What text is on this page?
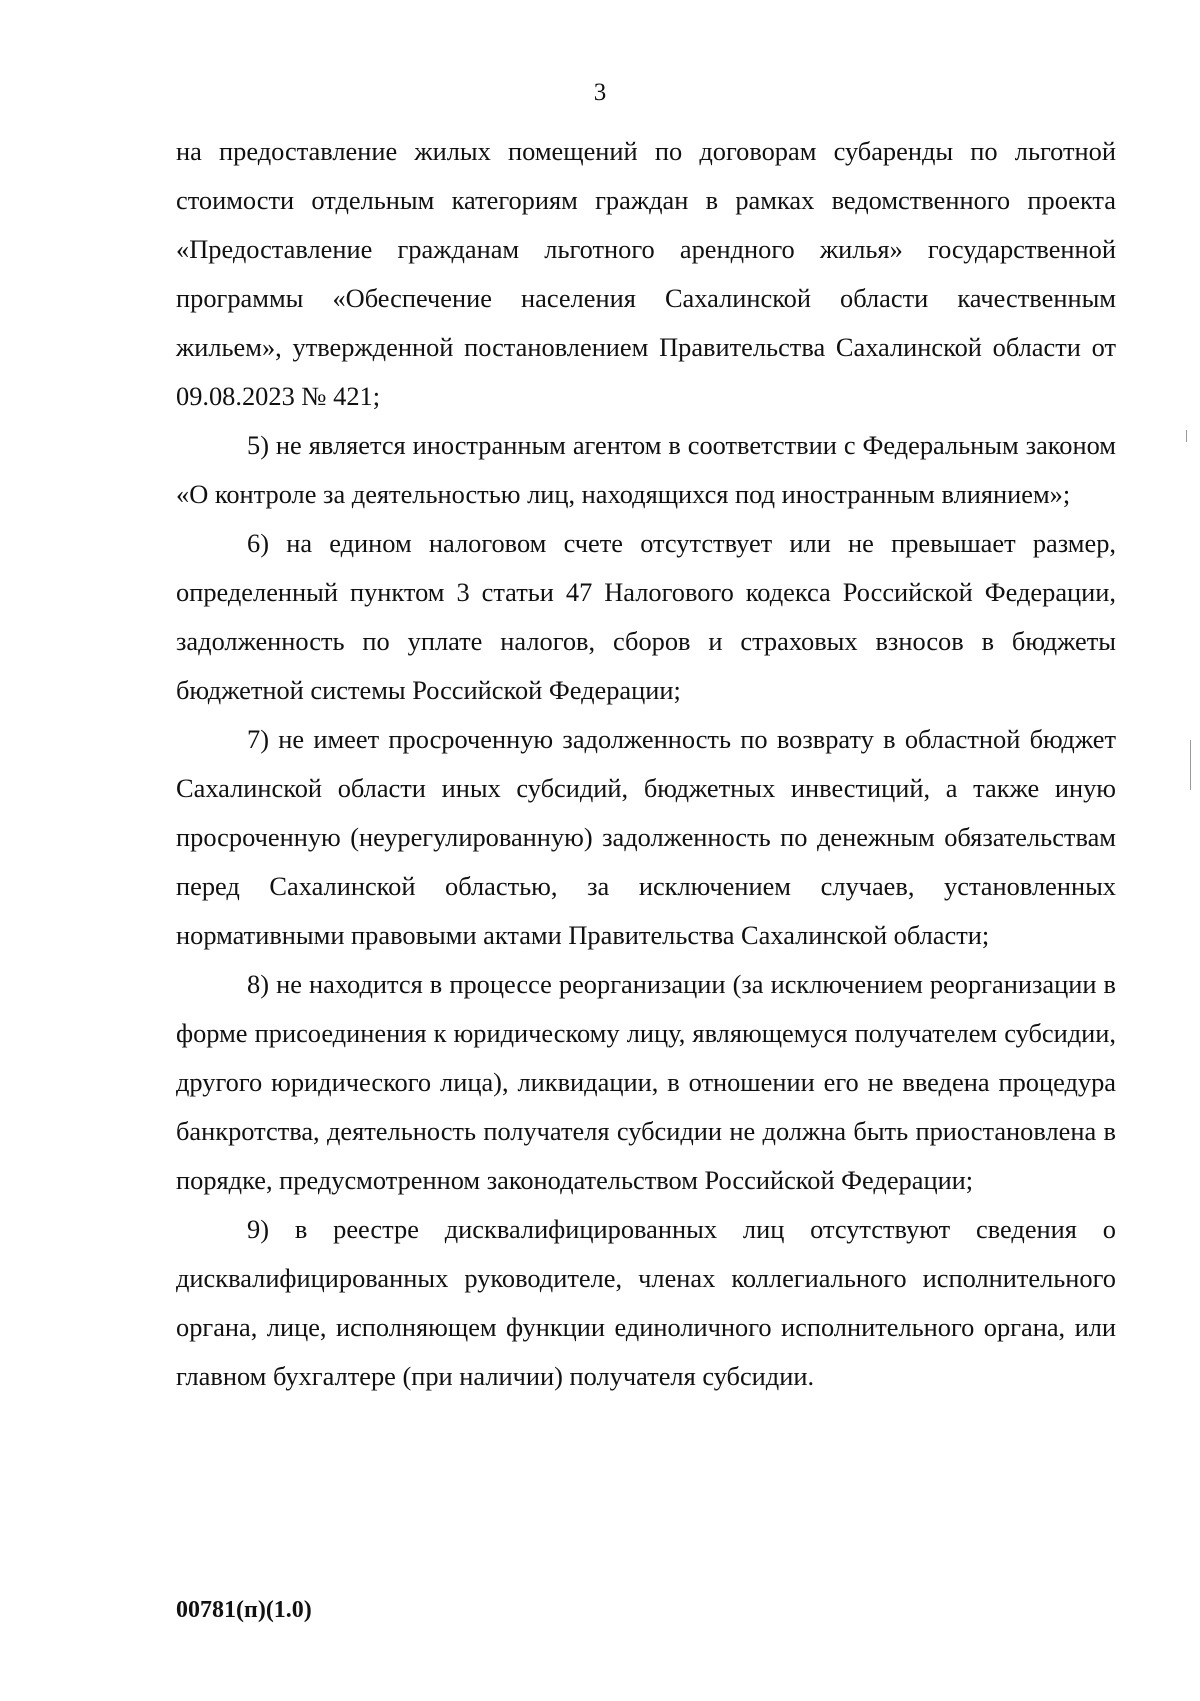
3

на предоставление жилых помещений по договорам субаренды по льготной стоимости отдельным категориям граждан в рамках ведомственного проекта «Предоставление гражданам льготного арендного жилья» государственной программы «Обеспечение населения Сахалинской области качественным жильем», утвержденной постановлением Правительства Сахалинской области от 09.08.2023 № 421;

5) не является иностранным агентом в соответствии с Федеральным законом «О контроле за деятельностью лиц, находящихся под иностранным влиянием»;

6) на едином налоговом счете отсутствует или не превышает размер, определенный пунктом 3 статьи 47 Налогового кодекса Российской Федерации, задолженность по уплате налогов, сборов и страховых взносов в бюджеты бюджетной системы Российской Федерации;

7) не имеет просроченную задолженность по возврату в областной бюджет Сахалинской области иных субсидий, бюджетных инвестиций, а также иную просроченную (неурегулированную) задолженность по денежным обязательствам перед Сахалинской областью, за исключением случаев, установленных нормативными правовыми актами Правительства Сахалинской области;

8) не находится в процессе реорганизации (за исключением реорганизации в форме присоединения к юридическому лицу, являющемуся получателем субсидии, другого юридического лица), ликвидации, в отношении его не введена процедура банкротства, деятельность получателя субсидии не должна быть приостановлена в порядке, предусмотренном законодательством Российской Федерации;

9) в реестре дисквалифицированных лиц отсутствуют сведения о дисквалифицированных руководителе, членах коллегиального исполнительного органа, лице, исполняющем функции единоличного исполнительного органа, или главном бухгалтере (при наличии) получателя субсидии.

00781(п)(1.0)
